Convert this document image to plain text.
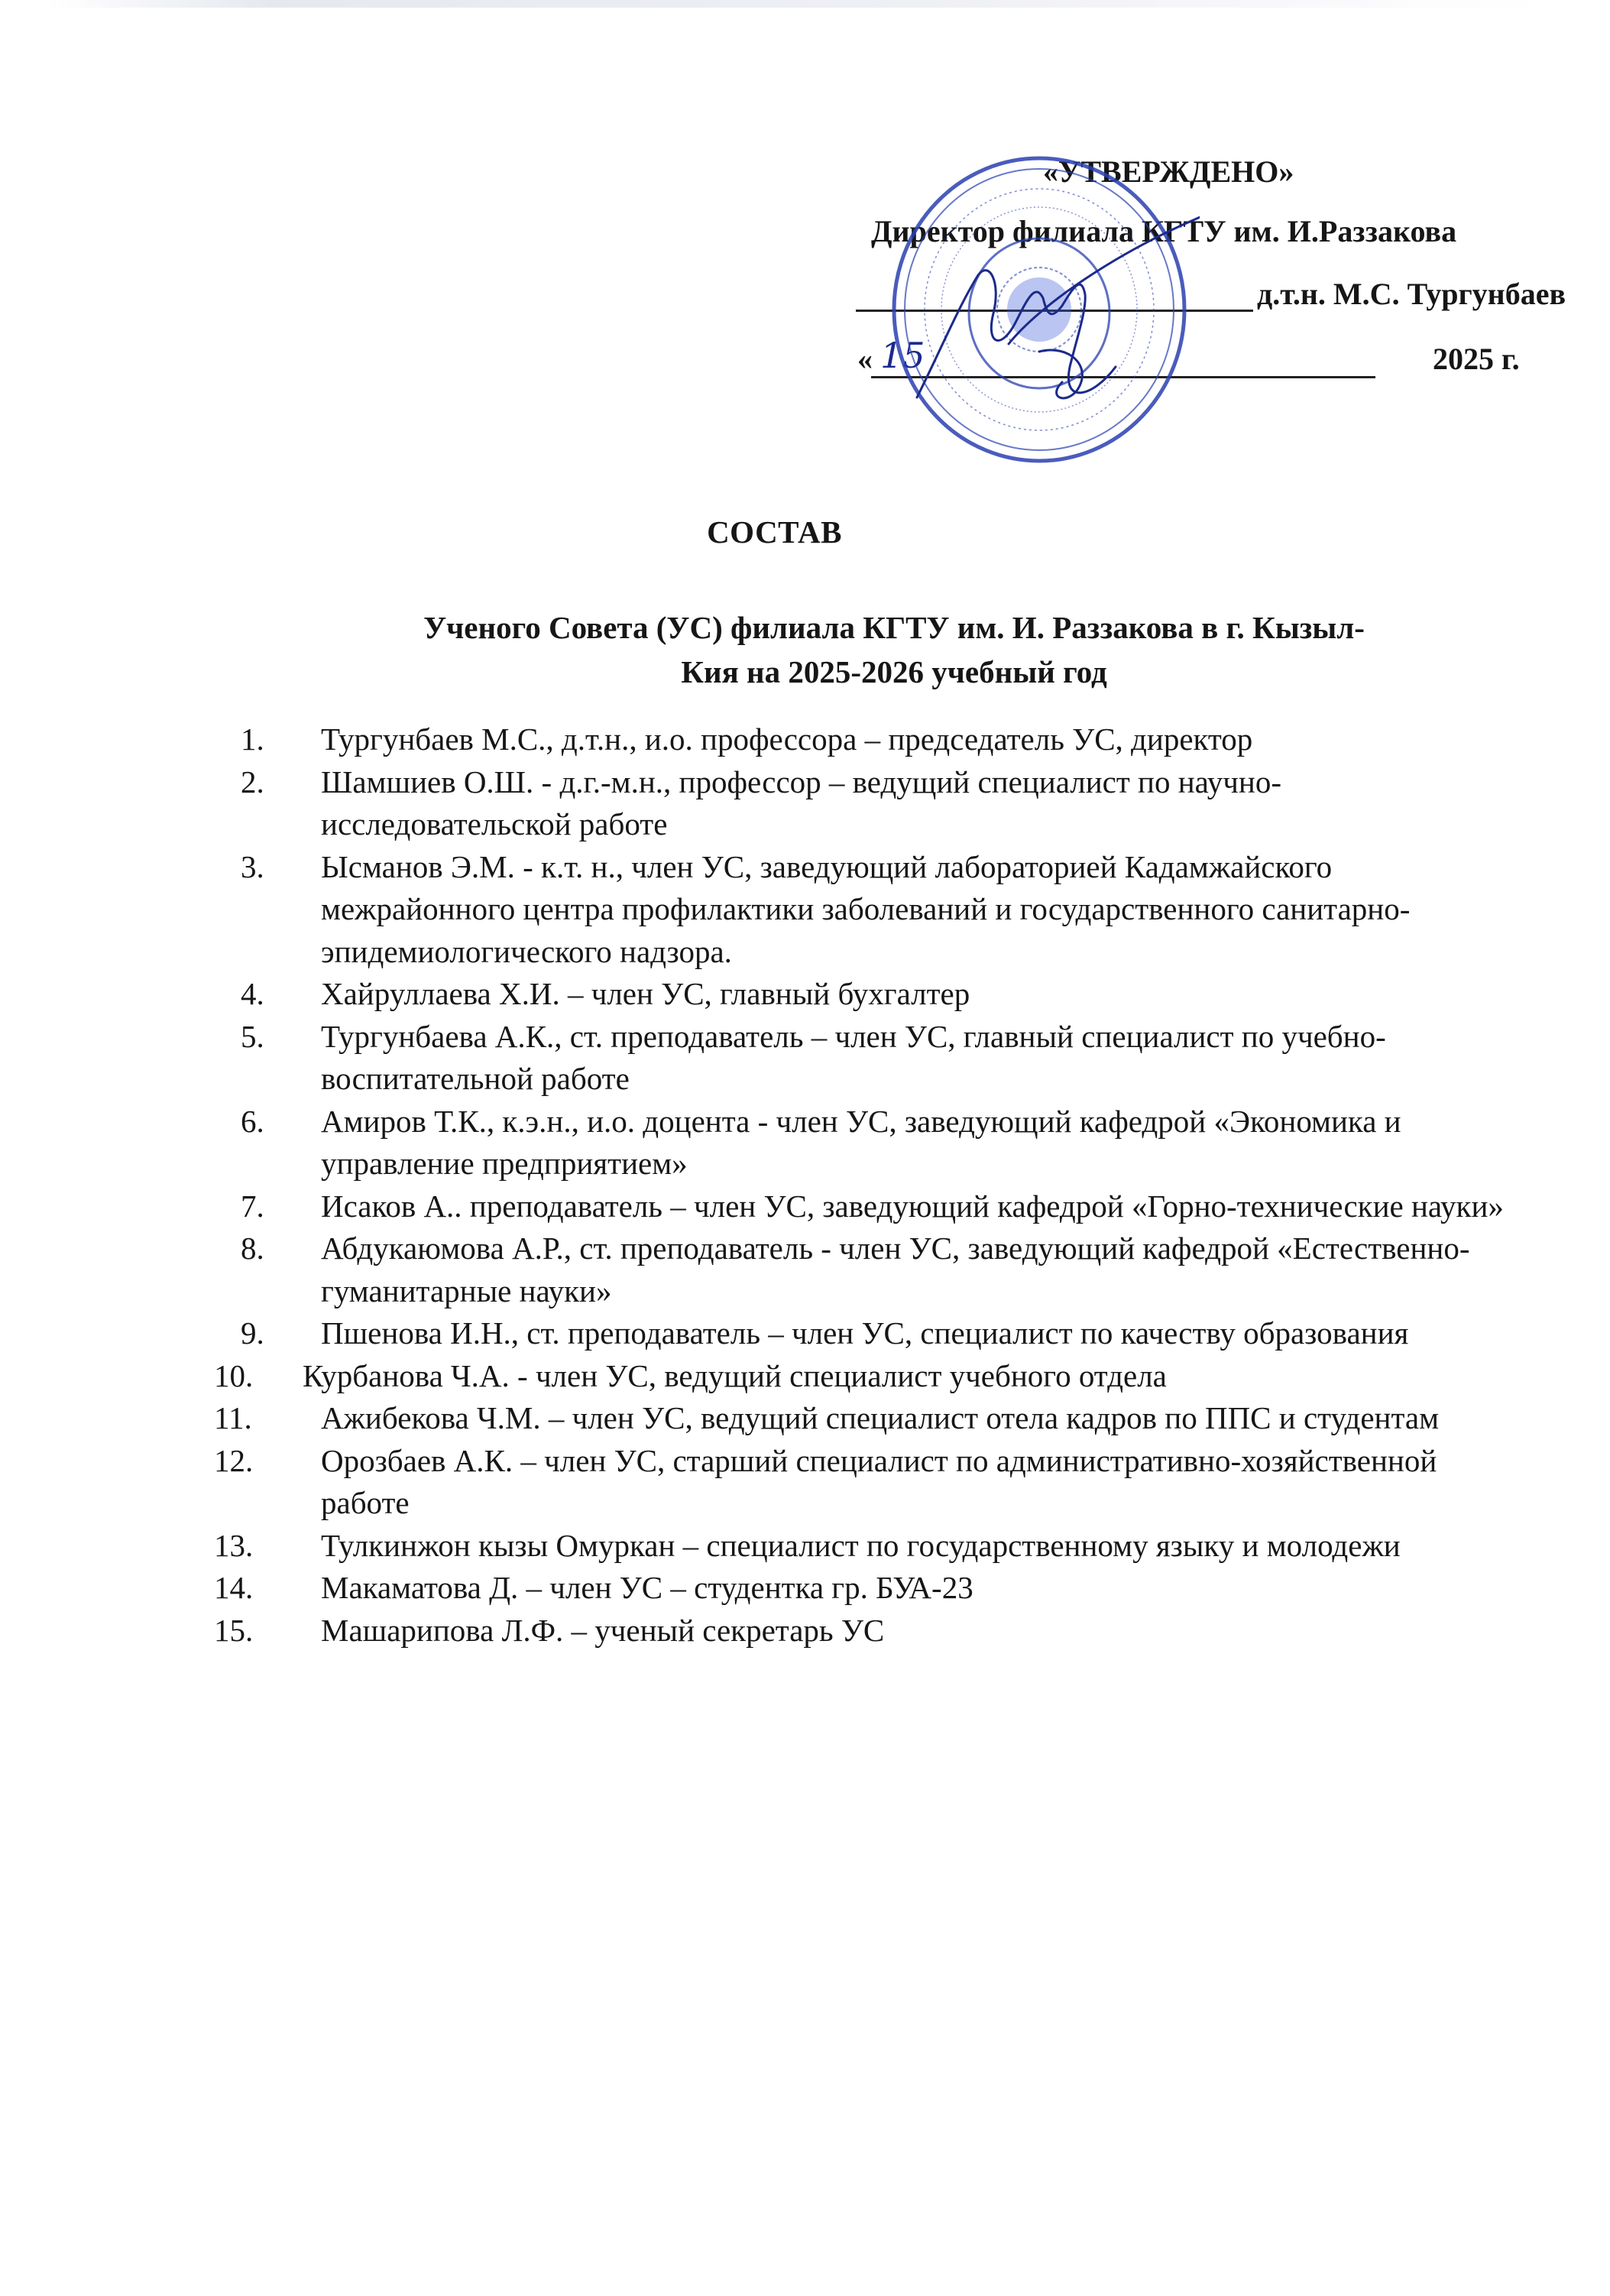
«УТВЕРЖДЕНО»
Директор филиала КГТУ им. И.Раззакова
д.т.н. М.С. Тургунбаев
« 15	2025 г.
СОСТАВ
Ученого Совета (УС) филиала КГТУ им. И. Раззакова в г. Кызыл-
Кия на 2025-2026 учебный год
1.	Тургунбаев М.С., д.т.н., и.о. профессора – председатель УС, директор
2.	Шамшиев О.Ш. - д.г.-м.н., профессор – ведущий специалист по научно-исследовательской работе
3.	Ысманов Э.М. - к.т. н., член УС, заведующий лабораторией Кадамжайского межрайонного центра профилактики заболеваний и государственного санитарно-эпидемиологического надзора.
4.	Хайруллаева Х.И. – член УС, главный бухгалтер
5.	Тургунбаева А.К., ст. преподаватель – член УС, главный специалист по учебно-воспитательной работе
6.	Амиров Т.К., к.э.н., и.о. доцента - член УС, заведующий кафедрой «Экономика и управление предприятием»
7.	Исаков А.. преподаватель – член УС, заведующий кафедрой «Горно-технические науки»
8.	Абдукаюмова А.Р., ст. преподаватель - член УС, заведующий кафедрой «Естественно-гуманитарные науки»
9.	Пшенова И.Н., ст. преподаватель – член УС, специалист по качеству образования
10.	Курбанова Ч.А. - член УС, ведущий специалист учебного отдела
11.	Ажибекова Ч.М. – член УС, ведущий специалист отела кадров по ППС и студентам
12.	Орозбаев А.К. – член УС, старший специалист по административно-хозяйственной работе
13.	Тулкинжон кызы Омуркан – специалист по государственному языку и молодежи
14.	Макаматова Д. – член УС – студентка гр. БУА-23
15.	Машарипова Л.Ф. – ученый секретарь УС
